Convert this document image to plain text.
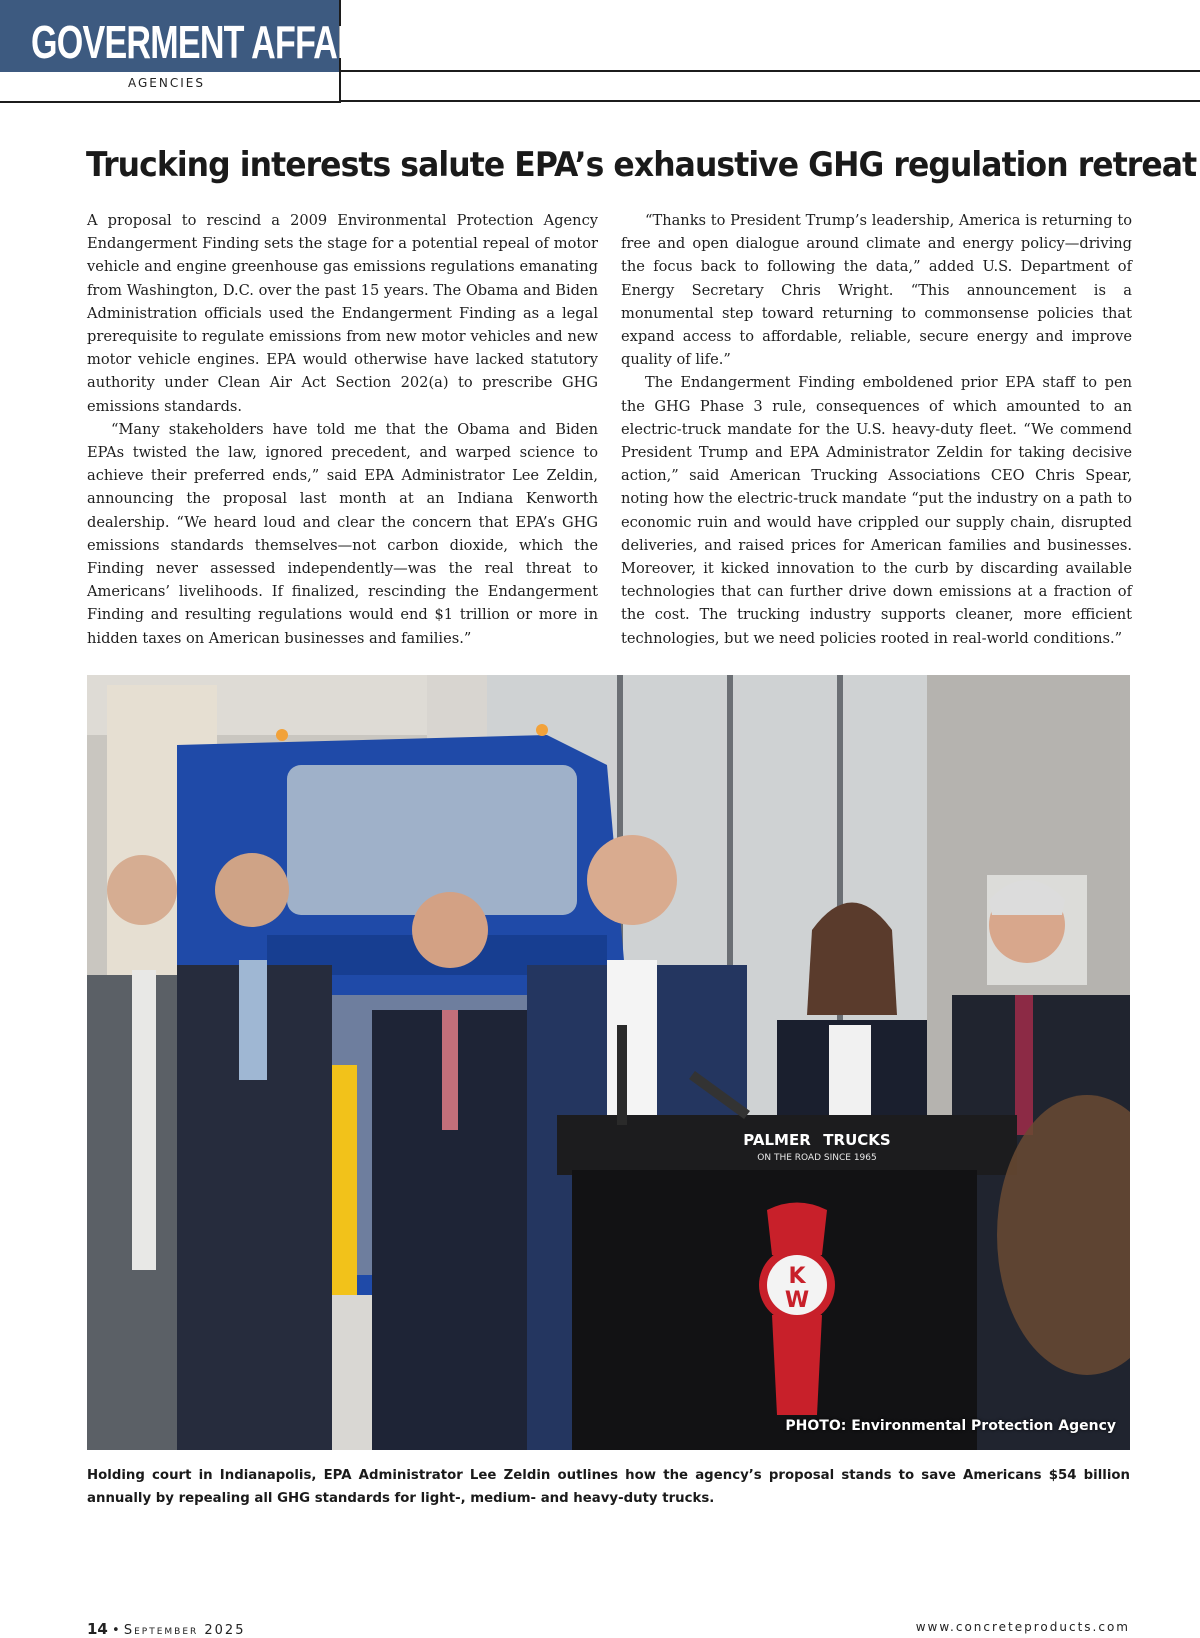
GOVERMENT AFFAIRS
AGENCIES
Trucking interests salute EPA’s exhaustive GHG regulation retreat

A proposal to rescind a 2009 Environmental Protection Agency Endangerment Finding sets the stage for a potential repeal of motor vehicle and engine greenhouse gas emissions regulations emanating from Washington, D.C. over the past 15 years. The Obama and Biden Administration officials used the Endangerment Finding as a legal prerequisite to regulate emissions from new motor vehicles and new motor vehicle engines. EPA would otherwise have lacked statutory authority under Clean Air Act Section 202(a) to prescribe GHG emissions standards.

“Many stakeholders have told me that the Obama and Biden EPAs twisted the law, ignored precedent, and warped science to achieve their preferred ends,” said EPA Administrator Lee Zeldin, announcing the proposal last month at an Indiana Kenworth dealership. “We heard loud and clear the concern that EPA’s GHG emissions standards themselves—not carbon dioxide, which the Finding never assessed independently—was the real threat to Americans’ livelihoods. If finalized, rescinding the Endangerment Finding and resulting regulations would end $1 trillion or more in hidden taxes on American businesses and families.”

“Thanks to President Trump’s leadership, America is returning to free and open dialogue around climate and energy policy—driving the focus back to following the data,” added U.S. Department of Energy Secretary Chris Wright. “This announcement is a monumental step toward returning to commonsense policies that expand access to affordable, reliable, secure energy and improve quality of life.”

The Endangerment Finding emboldened prior EPA staff to pen the GHG Phase 3 rule, consequences of which amounted to an electric-truck mandate for the U.S. heavy-duty fleet. “We commend President Trump and EPA Administrator Zeldin for taking decisive action,” said American Trucking Associations CEO Chris Spear, noting how the electric-truck mandate “put the industry on a path to economic ruin and would have crippled our supply chain, disrupted deliveries, and raised prices for American families and businesses. Moreover, it kicked innovation to the curb by discarding available technologies that can further drive down emissions at a fraction of the cost. The trucking industry supports cleaner, more efficient technologies, but we need policies rooted in real-world conditions.”

PALMER TRUCKS
ON THE ROAD SINCE 1965
K
W
PHOTO: Environmental Protection Agency

Holding court in Indianapolis, EPA Administrator Lee Zeldin outlines how the agency’s proposal stands to save Americans $54 billion annually by repealing all GHG standards for light-, medium- and heavy-duty trucks.

14 • September 2025	www.concreteproducts.com
